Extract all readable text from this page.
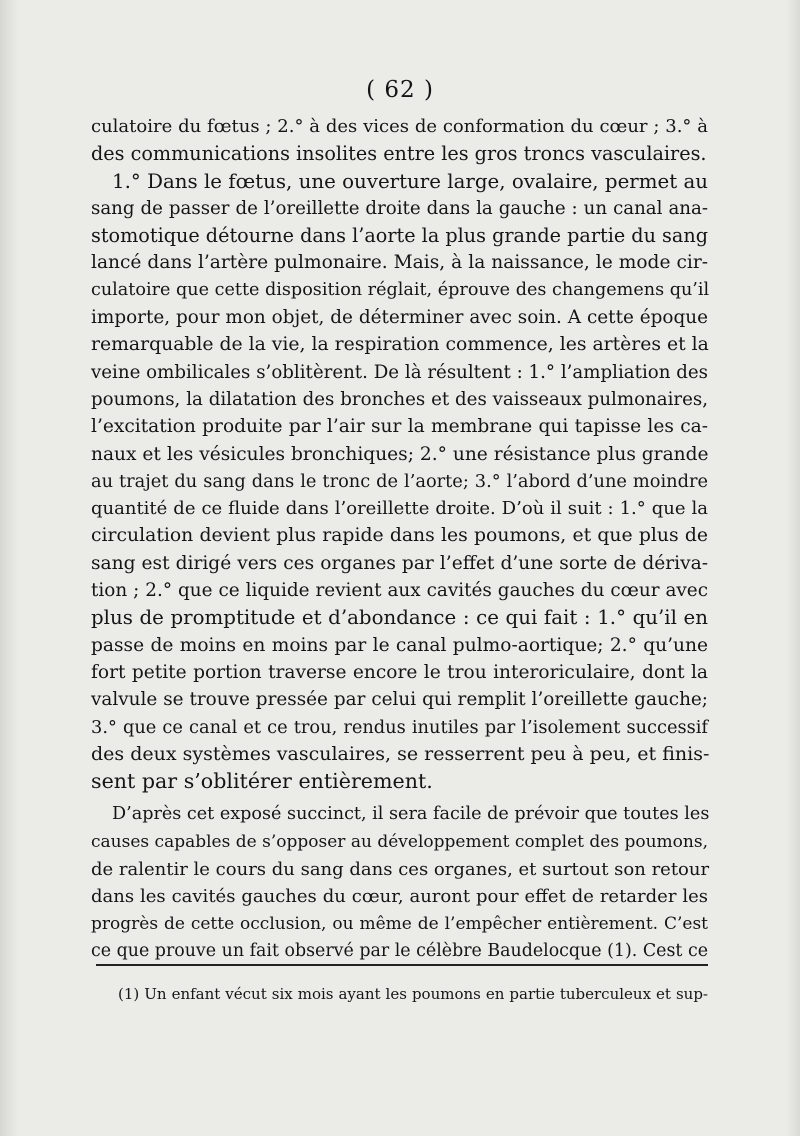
( 62 )
culatoire du fœtus ; 2.° à des vices de conformation du cœur ; 3.° à
des communications insolites entre les gros troncs vasculaires.
1.° Dans le fœtus, une ouverture large, ovalaire, permet au
sang de passer de l’oreillette droite dans la gauche : un canal ana-
stomotique détourne dans l’aorte la plus grande partie du sang
lancé dans l’artère pulmonaire. Mais, à la naissance, le mode cir-
culatoire que cette disposition réglait, éprouve des changemens qu’il
importe, pour mon objet, de déterminer avec soin. A cette époque
remarquable de la vie, la respiration commence, les artères et la
veine ombilicales s’oblitèrent. De là résultent : 1.° l’ampliation des
poumons, la dilatation des bronches et des vaisseaux pulmonaires,
l’excitation produite par l’air sur la membrane qui tapisse les ca-
naux et les vésicules bronchiques; 2.° une résistance plus grande
au trajet du sang dans le tronc de l’aorte; 3.° l’abord d’une moindre
quantité de ce fluide dans l’oreillette droite. D’où il suit : 1.° que la
circulation devient plus rapide dans les poumons, et que plus de
sang est dirigé vers ces organes par l’effet d’une sorte de dériva-
tion ; 2.° que ce liquide revient aux cavités gauches du cœur avec
plus de promptitude et d’abondance : ce qui fait : 1.° qu’il en
passe de moins en moins par le canal pulmo-aortique; 2.° qu’une
fort petite portion traverse encore le trou interoriculaire, dont la
valvule se trouve pressée par celui qui remplit l’oreillette gauche;
3.° que ce canal et ce trou, rendus inutiles par l’isolement successif
des deux systèmes vasculaires, se resserrent peu à peu, et finis-
sent par s’oblitérer entièrement.
D’après cet exposé succinct, il sera facile de prévoir que toutes les
causes capables de s’opposer au développement complet des poumons,
de ralentir le cours du sang dans ces organes, et surtout son retour
dans les cavités gauches du cœur, auront pour effet de retarder les
progrès de cette occlusion, ou même de l’empêcher entièrement. C’est
ce que prouve un fait observé par le célèbre Baudelocque (1). Cest ce
(1) Un enfant vécut six mois ayant les poumons en partie tuberculeux et sup-
